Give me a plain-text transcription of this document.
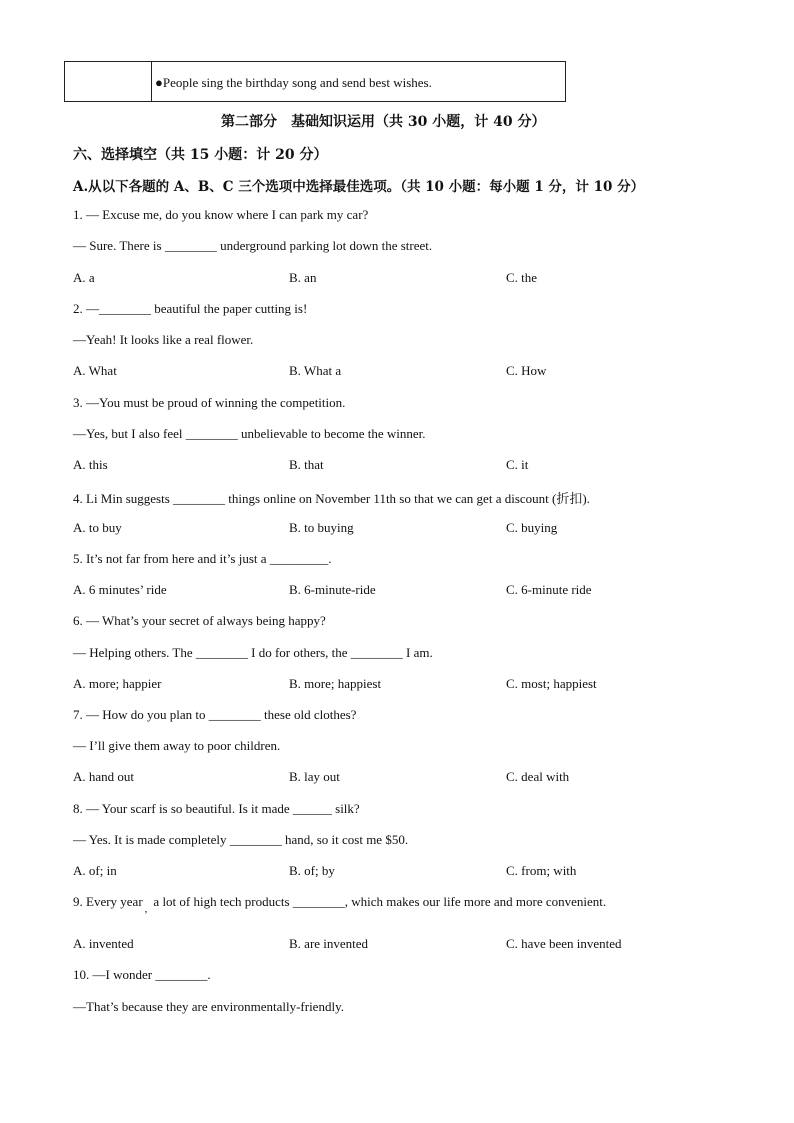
●People sing the birthday song and send best wishes.
第二部分　基础知识运用（共 30 小题，计 40 分）
六、选择填空（共 15 小题：计 20 分）
A.从以下各题的 A、B、C 三个选项中选择最佳选项。（共 10 小题：每小题 1 分，计 10 分）
1. — Excuse me, do you know where I can park my car?
— Sure. There is ________ underground parking lot down the street.
A. a	B. an	C. the
2. —________ beautiful the paper cutting is!
—Yeah! It looks like a real flower.
A. What	B. What a	C. How
3. —You must be proud of winning the competition.
—Yes, but I also feel ________ unbelievable to become the winner.
A. this	B. that	C. it
4. Li Min suggests ________ things online on November 11th so that we can get a discount (折扣).
A. to buy	B. to buying	C. buying
5. It’s not far from here and it’s just a _________.
A. 6 minutes’ ride	B. 6-minute-ride	C. 6-minute ride
6. — What’s your secret of always being happy?
— Helping others. The ________ I do for others, the ________ I am.
A. more; happier	B. more; happiest	C. most; happiest
7. — How do you plan to ________ these old clothes?
— I’ll give them away to poor children.
A. hand out	B. lay out	C. deal with
8. — Your scarf is so beautiful. Is it made ______ silk?
— Yes. It is made completely ________ hand, so it cost me $50.
A. of; in	B. of; by	C. from; with
9. Every year $_,$ a lot of high tech products ________, which makes our life more and more convenient.
A. invented	B. are invented	C. have been invented
10. —I wonder ________.
—That’s because they are environmentally-friendly.
